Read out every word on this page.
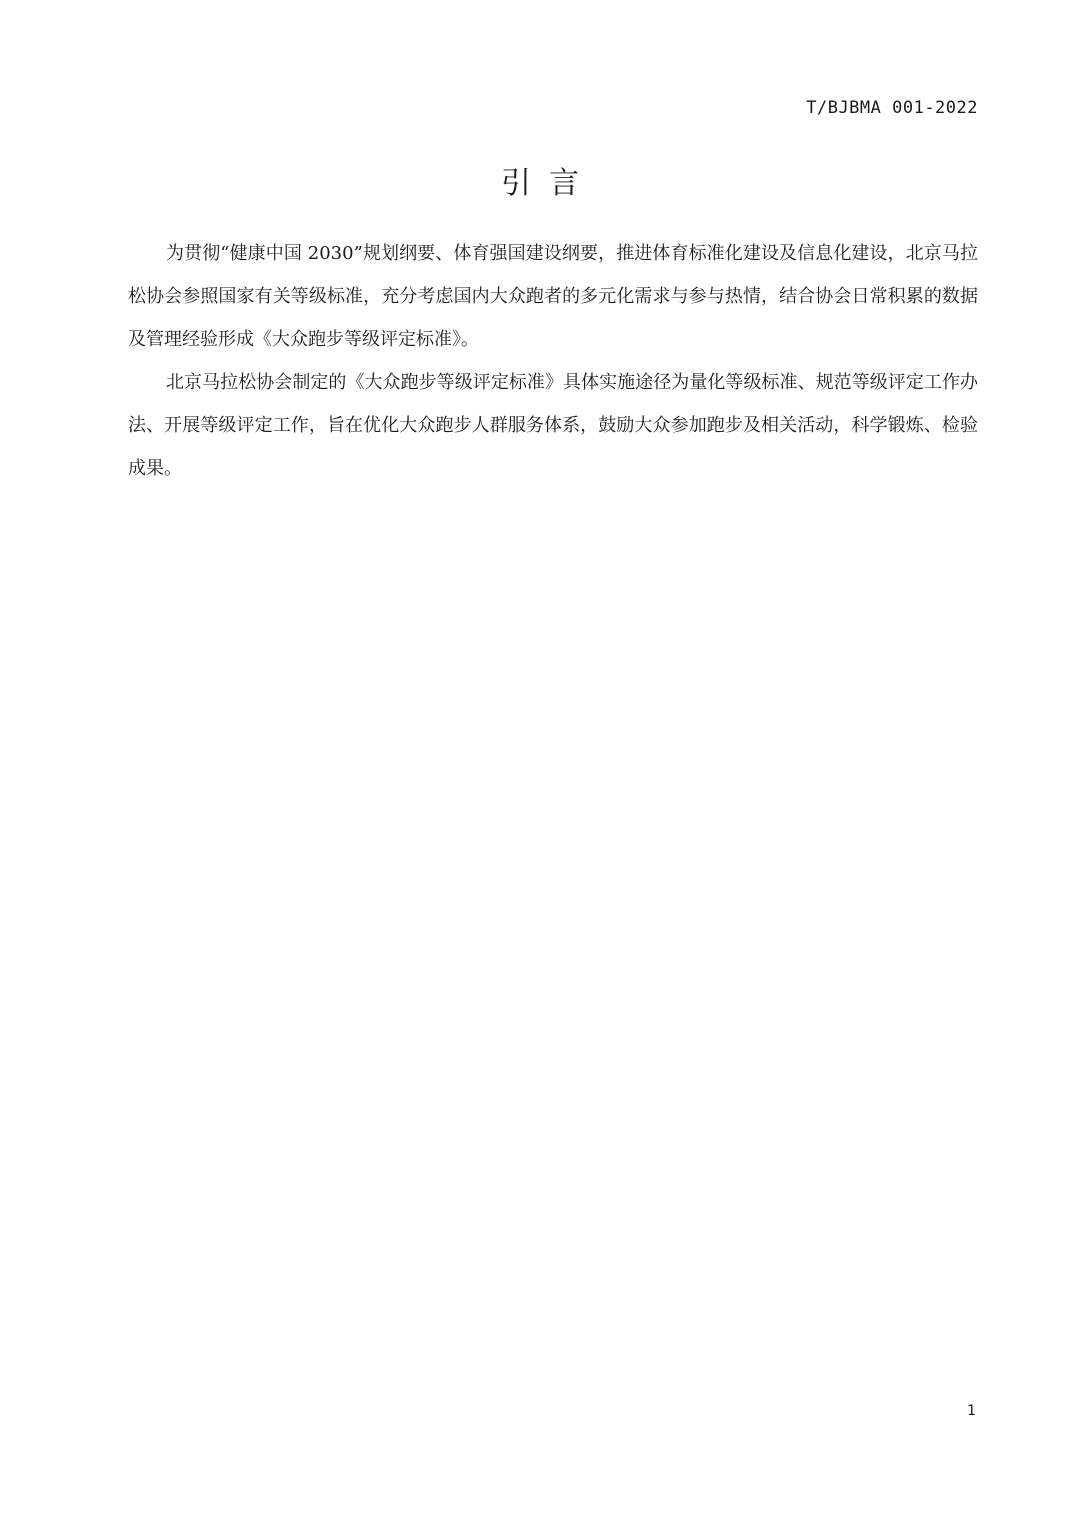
T/BJBMA 001-2022
引言

为贯彻“健康中国 2030”规划纲要、体育强国建设纲要，推进体育标准化建设及信息化建设，北京马拉松协会参照国家有关等级标准，充分考虑国内大众跑者的多元化需求与参与热情，结合协会日常积累的数据及管理经验形成《大众跑步等级评定标准》。

北京马拉松协会制定的《大众跑步等级评定标准》具体实施途径为量化等级标准、规范等级评定工作办法、开展等级评定工作，旨在优化大众跑步人群服务体系，鼓励大众参加跑步及相关活动，科学锻炼、检验成果。

1
